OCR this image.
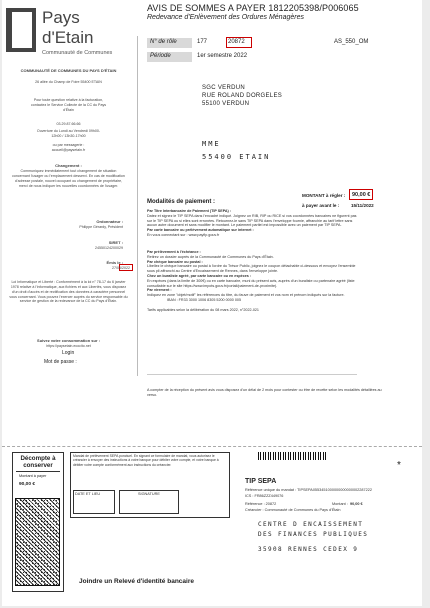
Pays
d'Etain
Communauté de Communes
AVIS DE SOMMES A PAYER 1812205398/P006065
Redevance d'Enlèvement des Ordures Ménagères
N° de rôle	177	20872	AS_550_OM
Période	1er semestre 2022
SGC VERDUN
RUE ROLAND DORGELES
55100 VERDUN
MME
55400 ETAIN
COMMUNAUTÉ DE COMMUNES DU PAYS D'ÉTAIN
26 allée du Champ de Foire 55400 ETAIN
Pour toute question relative à la facturation, contactez le Service Collecte de la CC du Pays d'Étain
03.29.87.66.66
Ouverture du Lundi au Vendredi 09h00-12h00 / 13h30-17h00
ou par messagerie : accueil@paysetain.fr
Changement :
Communiquez immédiatement tout changement de situation concernant l'usager ou l'emplacement desservi. En cas de modification d'adresse postale, nouvel occupant ou changement de propriétaire, merci de nous indiquer les nouvelles coordonnées de l'usager.
Ordonnateur :
Philippe Gérardy, Président
SIRET :
24550124200029
Émis le :
27/06/2022
Loi Informatique et Liberté : Conformément à la loi n° 78-17 du 6 janvier 1978 relative à l'informatique, aux fichiers et aux Libertés, vous disposez d'un droit d'accès et de rectification des données à caractère personnel vous concernant. Vous pouvez l'exercer auprès du service responsable du service de gestion de la redevance de la CC du Pays d'Étain.
Suivez votre consommation sur :
https://paysetain.ecocito.net
Login
Mot de passe :
MONTANT à régler : 90,00 €
à payer avant le :	15/11/2022
Modalités de paiement :
Par Titre Interbancaire de Paiement (TIP SEPA) :
Datez et signez le TIP SEPA dans l'encadré indiqué. Joignez un RIB, RIP ou RICE si vos coordonnées bancaires ne figurent pas sur le TIP SEPA ou si elles sont erronées. Retournez-le sans TIP SEPA dans l'enveloppe fournie, affranchie au tarif lettre sans aucun autre document et sans modifier le montant. Le paiement partiel est impossible avec un paiement par TIP SEPA.
Par carte bancaire ou prélèvement automatique sur internet :
En vous connectant sur : www.payfip.gouv.fr
Par prélèvement à l'échéance :
Retirez un dossier auprès de la Communauté de Communes du Pays d'Étain.
Par chèque bancaire ou postal :
Libellez le chèque bancaire ou postal à l'ordre du Trésor Public, joignez le coupon détachable ci-dessous et envoyez l'ensemble sous pli affranchi au Centre d'Encaissement de Rennes, dans l'enveloppe jointe.
Chez un buraliste agréé, par carte bancaire ou en espèces :
En espèces (dans la limite de 300€) ou en carte bancaire, muni du présent avis, auprès d'un buraliste ou partenaire agréé (liste consultable sur le site https://www.impots.gouv.fr/portail/paiement-de-proximite).
Par virement :
Indiquez en zone "objet/motif" les références du titre, du fauve de paiement et vos nom et prénom indiqués sur la facture.
IBAN : FR33 3000 1006 8305 5200 0000 005
Tarifs applicables selon la délibération du 08 mars 2022, n°2022-021
A compter de la réception du présent avis vous disposez d'un délai de 2 mois pour contester ou être de recette selon les modalités détaillées au verso.
Décompte à conserver
Montant à payer
90,00 €
Mandat de prélèvement SEPA ponctuel. En signant ce formulaire de mandat, vous autorisez le créancier à envoyer des instructions à votre banque pour débiter votre compte, et votre banque à débiter votre compte conformément aux instructions du créancier.
DATE ET LIEU	SIGNATURE
Joindre un Relevé d'identité bancaire
*
TIP SEPA
Référence unique du mandat : TIPSEPA0553451000000000000002287222
ICS : FR86ZZZ449076
Référence : 20872	Montant : 90,00 €
Créancier : Communauté de Communes du Pays d'Étain
CENTRE D ENCAISSEMENT
DES FINANCES PUBLIQUES
35908 RENNES CEDEX 9
